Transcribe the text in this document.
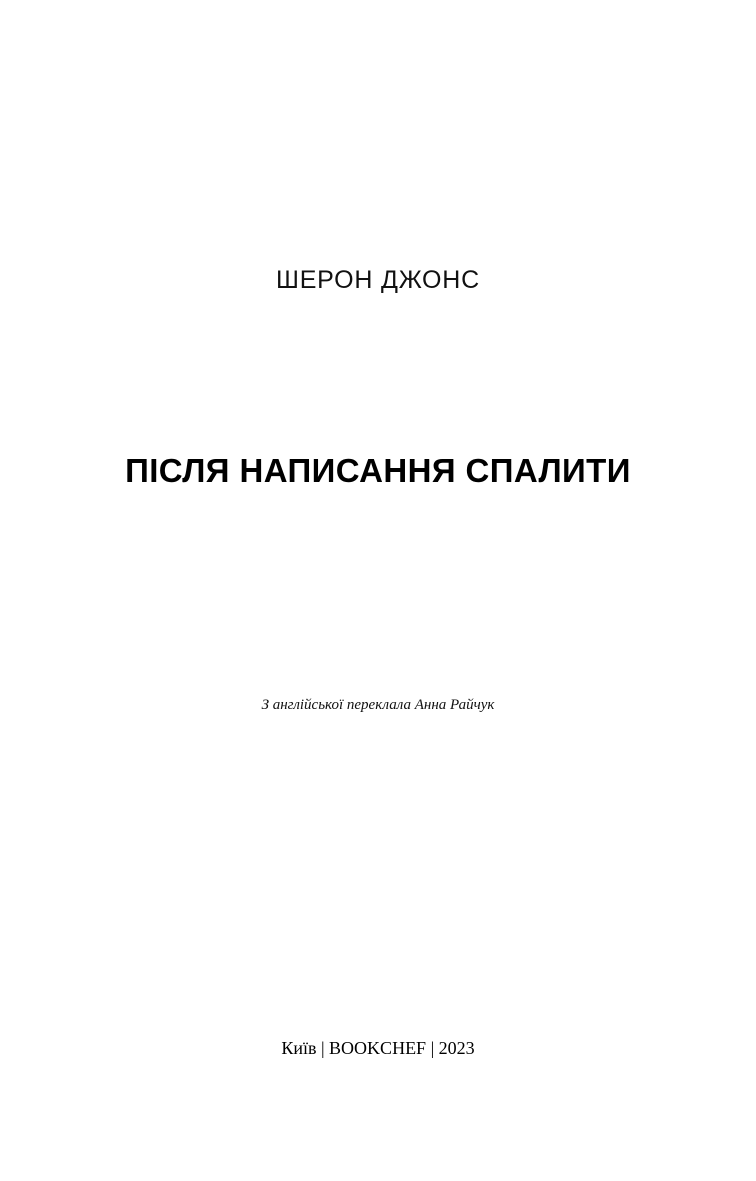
ШЕРОН ДЖОНС
ПІСЛЯ НАПИСАННЯ СПАЛИТИ
З англійської переклала Анна Райчук
Київ | BOOKCHEF | 2023
